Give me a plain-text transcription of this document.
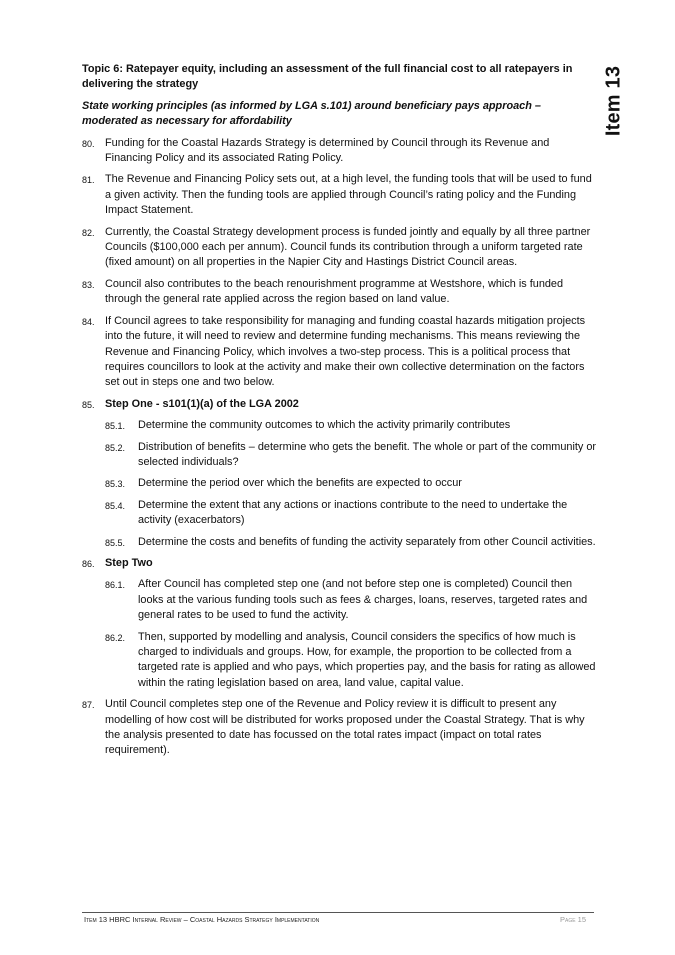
Item 13

Topic 6: Ratepayer equity, including an assessment of the full financial cost to all ratepayers in delivering the strategy

State working principles (as informed by LGA s.101) around beneficiary pays approach – moderated as necessary for affordability

80. Funding for the Coastal Hazards Strategy is determined by Council through its Revenue and Financing Policy and its associated Rating Policy.
81. The Revenue and Financing Policy sets out, at a high level, the funding tools that will be used to fund a given activity. Then the funding tools are applied through Council’s rating policy and the Funding Impact Statement.
82. Currently, the Coastal Strategy development process is funded jointly and equally by all three partner Councils ($100,000 each per annum). Council funds its contribution through a uniform targeted rate (fixed amount) on all properties in the Napier City and Hastings District Council areas.
83. Council also contributes to the beach renourishment programme at Westshore, which is funded through the general rate applied across the region based on land value.
84. If Council agrees to take responsibility for managing and funding coastal hazards mitigation projects into the future, it will need to review and determine funding mechanisms. This means reviewing the Revenue and Financing Policy, which involves a two-step process. This is a political process that requires councillors to look at the activity and make their own collective determination on the factors set out in steps one and two below.
85. Step One - s101(1)(a) of the LGA 2002
85.1. Determine the community outcomes to which the activity primarily contributes
85.2. Distribution of benefits – determine who gets the benefit. The whole or part of the community or selected individuals?
85.3. Determine the period over which the benefits are expected to occur
85.4. Determine the extent that any actions or inactions contribute to the need to undertake the activity (exacerbators)
85.5. Determine the costs and benefits of funding the activity separately from other Council activities.
86. Step Two
86.1. After Council has completed step one (and not before step one is completed) Council then looks at the various funding tools such as fees & charges, loans, reserves, targeted rates and general rates to be used to fund the activity.
86.2. Then, supported by modelling and analysis, Council considers the specifics of how much is charged to individuals and groups. How, for example, the proportion to be collected from a targeted rate is applied and who pays, which properties pay, and the basis for rating as allowed within the rating legislation based on area, land value, capital value.
87. Until Council completes step one of the Revenue and Policy review it is difficult to present any modelling of how cost will be distributed for works proposed under the Coastal Strategy. That is why the analysis presented to date has focussed on the total rates impact (impact on total rates requirement).
Item 13 HBRC Internal Review – Coastal Hazards Strategy Implementation	Page 15
